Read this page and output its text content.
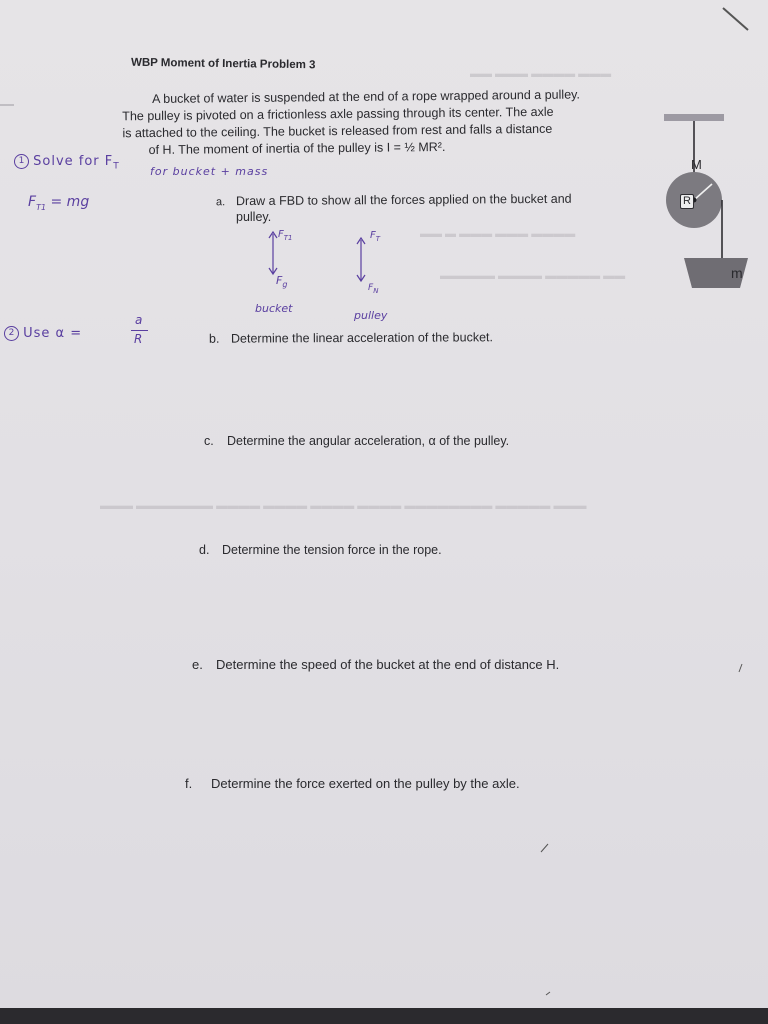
▬▬ ▬▬▬ ▬▬▬▬ ▬▬▬
▬▬ ▬ ▬▬▬ ▬▬▬ ▬▬▬▬
▬▬▬▬▬ ▬▬▬▬ ▬▬▬▬▬ ▬▬
▬▬▬ ▬▬▬▬▬▬▬ ▬▬▬▬ ▬▬▬▬ ▬▬▬▬ ▬▬▬▬ ▬▬▬▬▬▬▬▬ ▬▬▬▬▬ ▬▬▬
WBP Moment of Inertia Problem 3
A bucket of water is suspended at the end of a rope wrapped around a pulley.
The pulley is pivoted on a frictionless axle passing through its center. The axle
is attached to the ceiling. The bucket is released from rest and falls a distance
of H. The moment of inertia of the pulley is I = ½ MR².
a. Draw a FBD to show all the forces applied on the bucket and
pulley.
b. Determine the linear acceleration of the bucket.
c. Determine the angular acceleration, α of the pulley.
d. Determine the tension force in the rope.
e. Determine the speed of the bucket at the end of distance H.
f. Determine the force exerted on the pulley by the axle.
M
R
m
1 Solve for $F_T$	for bucket + mass
$F_{T1}$ = mg
2 Use α =
a
R
$F_{T1}$
$F_g$
$F_T$
$F_N$
bucket
pulley
